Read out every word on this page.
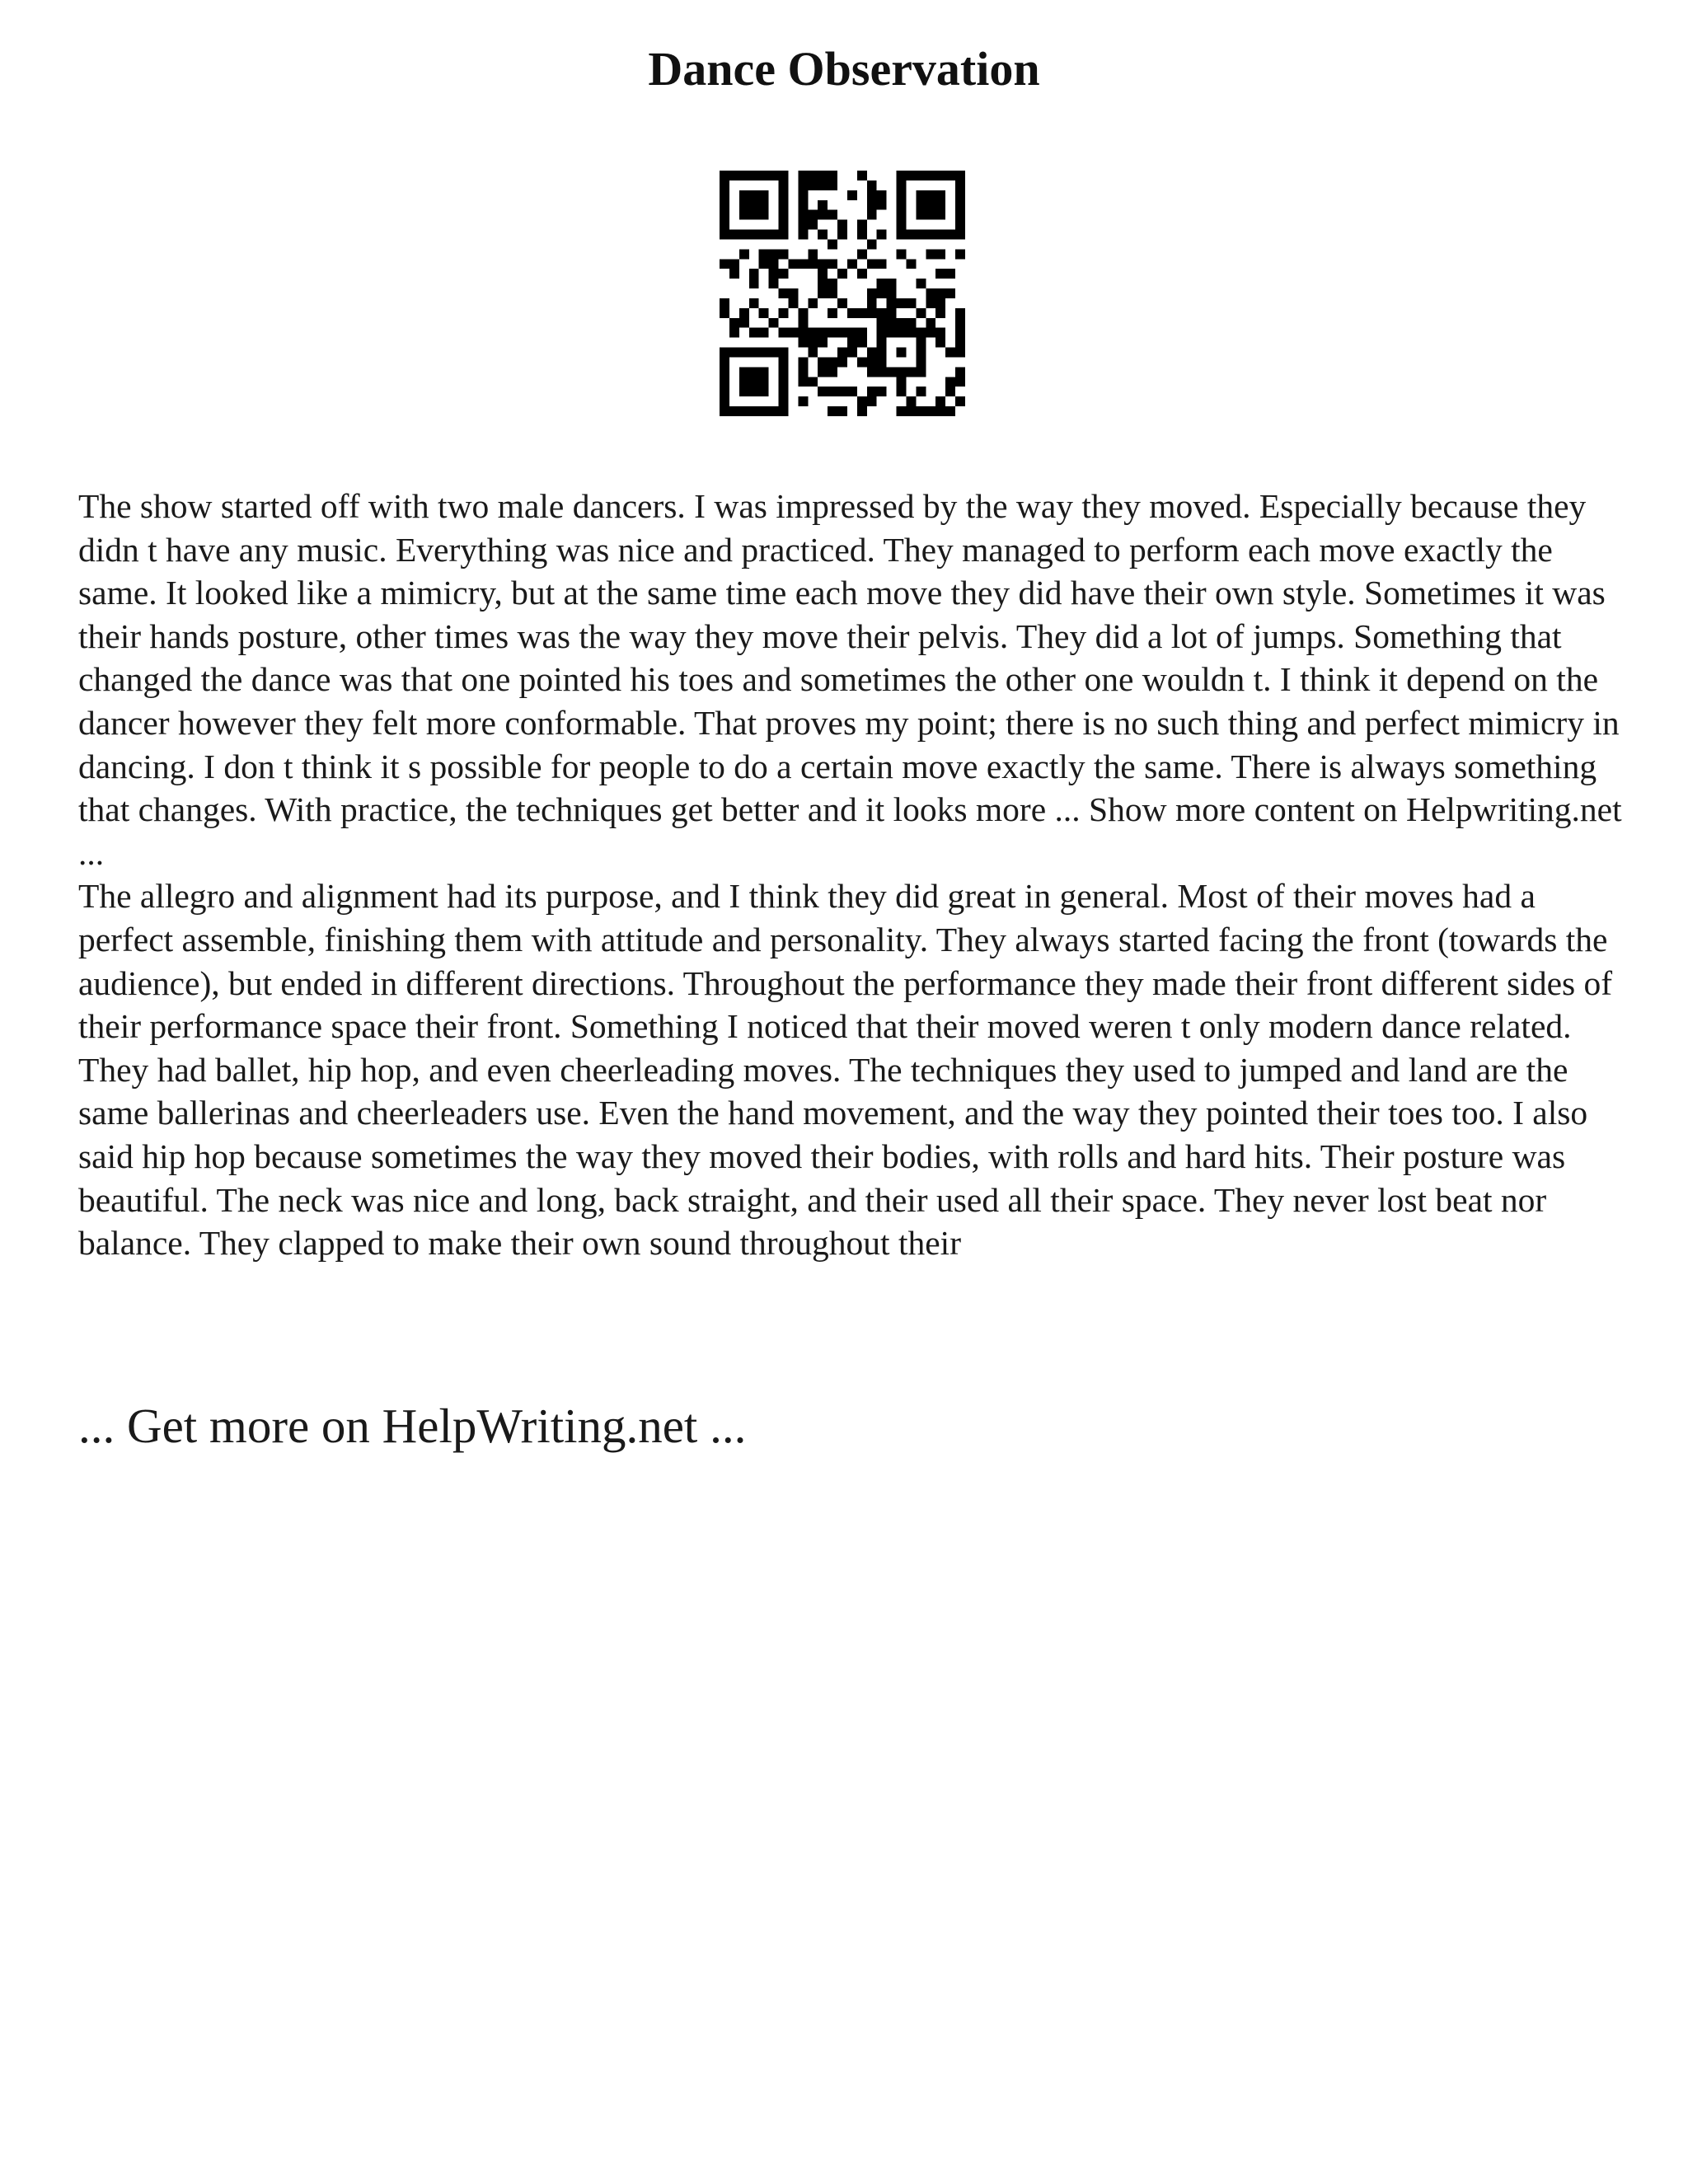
Dance Observation

The show started off with two male dancers. I was impressed by the way they moved. Especially because they didn t have any music. Everything was nice and practiced. They managed to perform each move exactly the same. It looked like a mimicry, but at the same time each move they did have their own style. Sometimes it was their hands posture, other times was the way they move their pelvis. They did a lot of jumps. Something that changed the dance was that one pointed his toes and sometimes the other one wouldn t. I think it depend on the dancer however they felt more conformable. That proves my point; there is no such thing and perfect mimicry in dancing. I don t think it s possible for people to do a certain move exactly the same. There is always something that changes. With practice, the techniques get better and it looks more ... Show more content on Helpwriting.net ...

The allegro and alignment had its purpose, and I think they did great in general. Most of their moves had a perfect assemble, finishing them with attitude and personality. They always started facing the front (towards the audience), but ended in different directions. Throughout the performance they made their front different sides of their performance space their front. Something I noticed that their moved weren t only modern dance related. They had ballet, hip hop, and even cheerleading moves. The techniques they used to jumped and land are the same ballerinas and cheerleaders use. Even the hand movement, and the way they pointed their toes too. I also said hip hop because sometimes the way they moved their bodies, with rolls and hard hits. Their posture was beautiful. The neck was nice and long, back straight, and their used all their space. They never lost beat nor balance. They clapped to make their own sound throughout their

... Get more on HelpWriting.net ...
